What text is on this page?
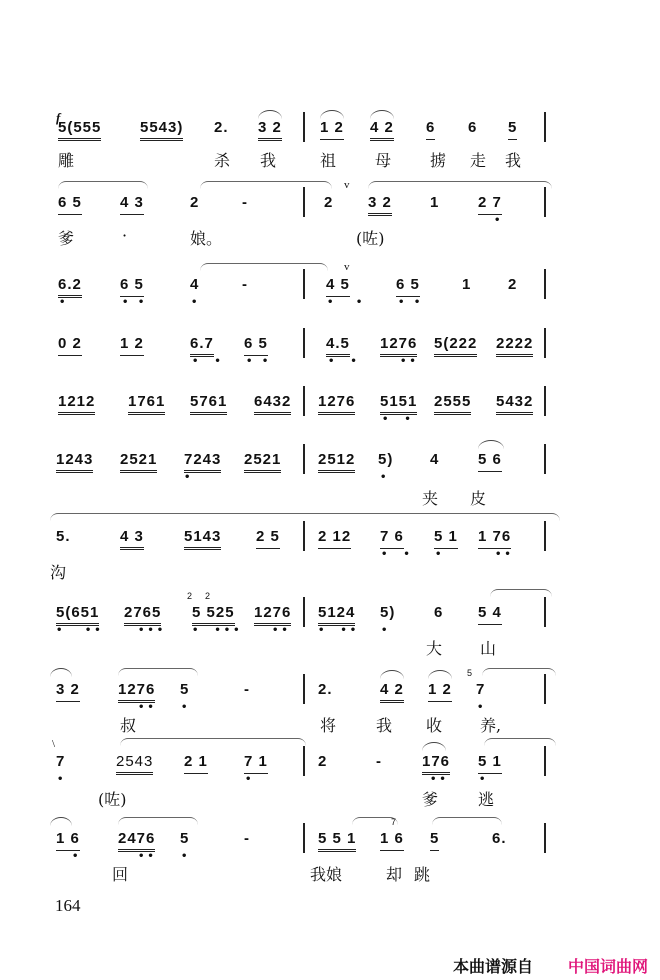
f
5(555	5543) 2. 3 2	1 2 4 2 6 6 5
雕	杀 我	祖 母 掳 走 我
6 5	4 3	2	-	2
v
3 2	1	2 7
•
爹	·	娘。	(咗)
6.2
•
6 5
• •
4
•
-
v
4 5
•   •
6 5
• •
1 2
0 2	1 2	6.7
•  •
6 5
• •
4.5
•  •
1276
••
5(222 2222
1212 1761 5761 6432 1276 5151
•  •
2555 5432
1243 2521 7243
•
2521 2512 5)
•
4	5 6
夹 皮
5.	4 3	5143 2 5	2 12 7 6
•  •
5 1
•
1 76
••
沟
2 2
5(651
•   ••
2765
•••
5 525
•  •••
1276
••
5124
•  ••
5)
•
6 5 4
大 山
3 2	1276
••
5
•
-	2.	4 2 1 2
5
7
•
叔	将 我 收 养,
\
7
•
2543 2 1 7 1
•
2	-	176
••
5 1
•
(咗)	爹 逃
1 6
•
2476
••
5
•
-	5 5 1
7
1 6 5	6.
回	我娘	却 跳
164
本曲谱源自 中国词曲网
